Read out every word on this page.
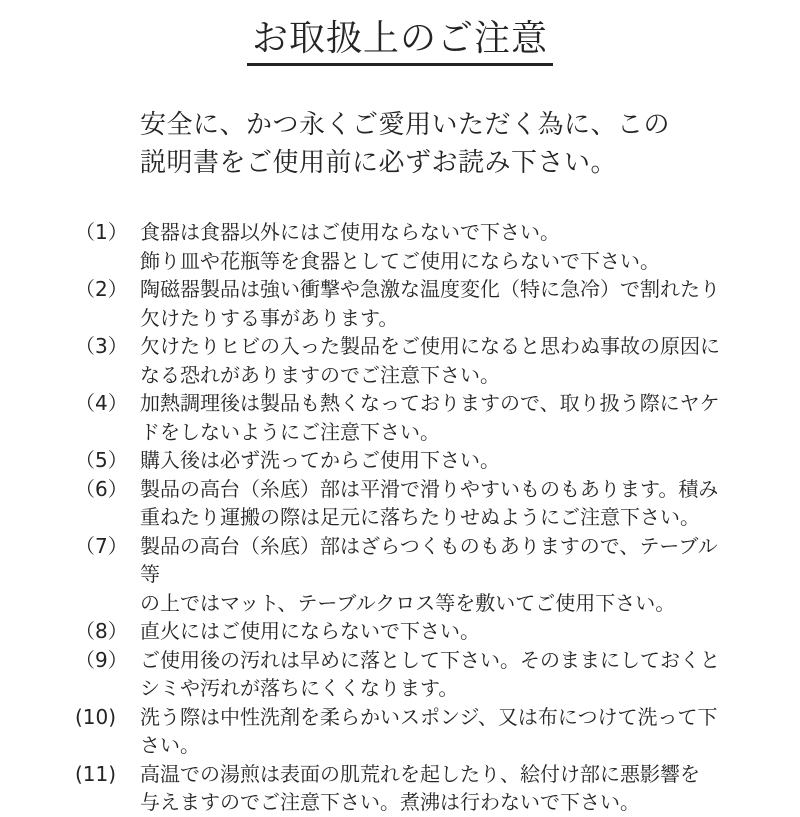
お取扱上のご注意

安全に、かつ永くご愛用いただく為に、この
説明書をご使用前に必ずお読み下さい。

（1） 食器は食器以外にはご使用ならないで下さい。
飾り皿や花瓶等を食器としてご使用にならないで下さい。
（2） 陶磁器製品は強い衝撃や急激な温度変化（特に急冷）で割れたり
欠けたりする事があります。
（3） 欠けたりヒビの入った製品をご使用になると思わぬ事故の原因に
なる恐れがありますのでご注意下さい。
（4） 加熱調理後は製品も熱くなっておりますので、取り扱う際にヤケ
ドをしないようにご注意下さい。
（5） 購入後は必ず洗ってからご使用下さい。
（6） 製品の高台（糸底）部は平滑で滑りやすいものもあります。積み
重ねたり運搬の際は足元に落ちたりせぬようにご注意下さい。
（7） 製品の高台（糸底）部はざらつくものもありますので、テーブル等
の上ではマット、テーブルクロス等を敷いてご使用下さい。
（8） 直火にはご使用にならないで下さい。
（9） ご使用後の汚れは早めに落として下さい。そのままにしておくと
シミや汚れが落ちにくくなります。
(10)	洗う際は中性洗剤を柔らかいスポンジ、又は布につけて洗って下
さい。
(11)	高温での湯煎は表面の肌荒れを起したり、絵付け部に悪影響を
与えますのでご注意下さい。煮沸は行わないで下さい。
